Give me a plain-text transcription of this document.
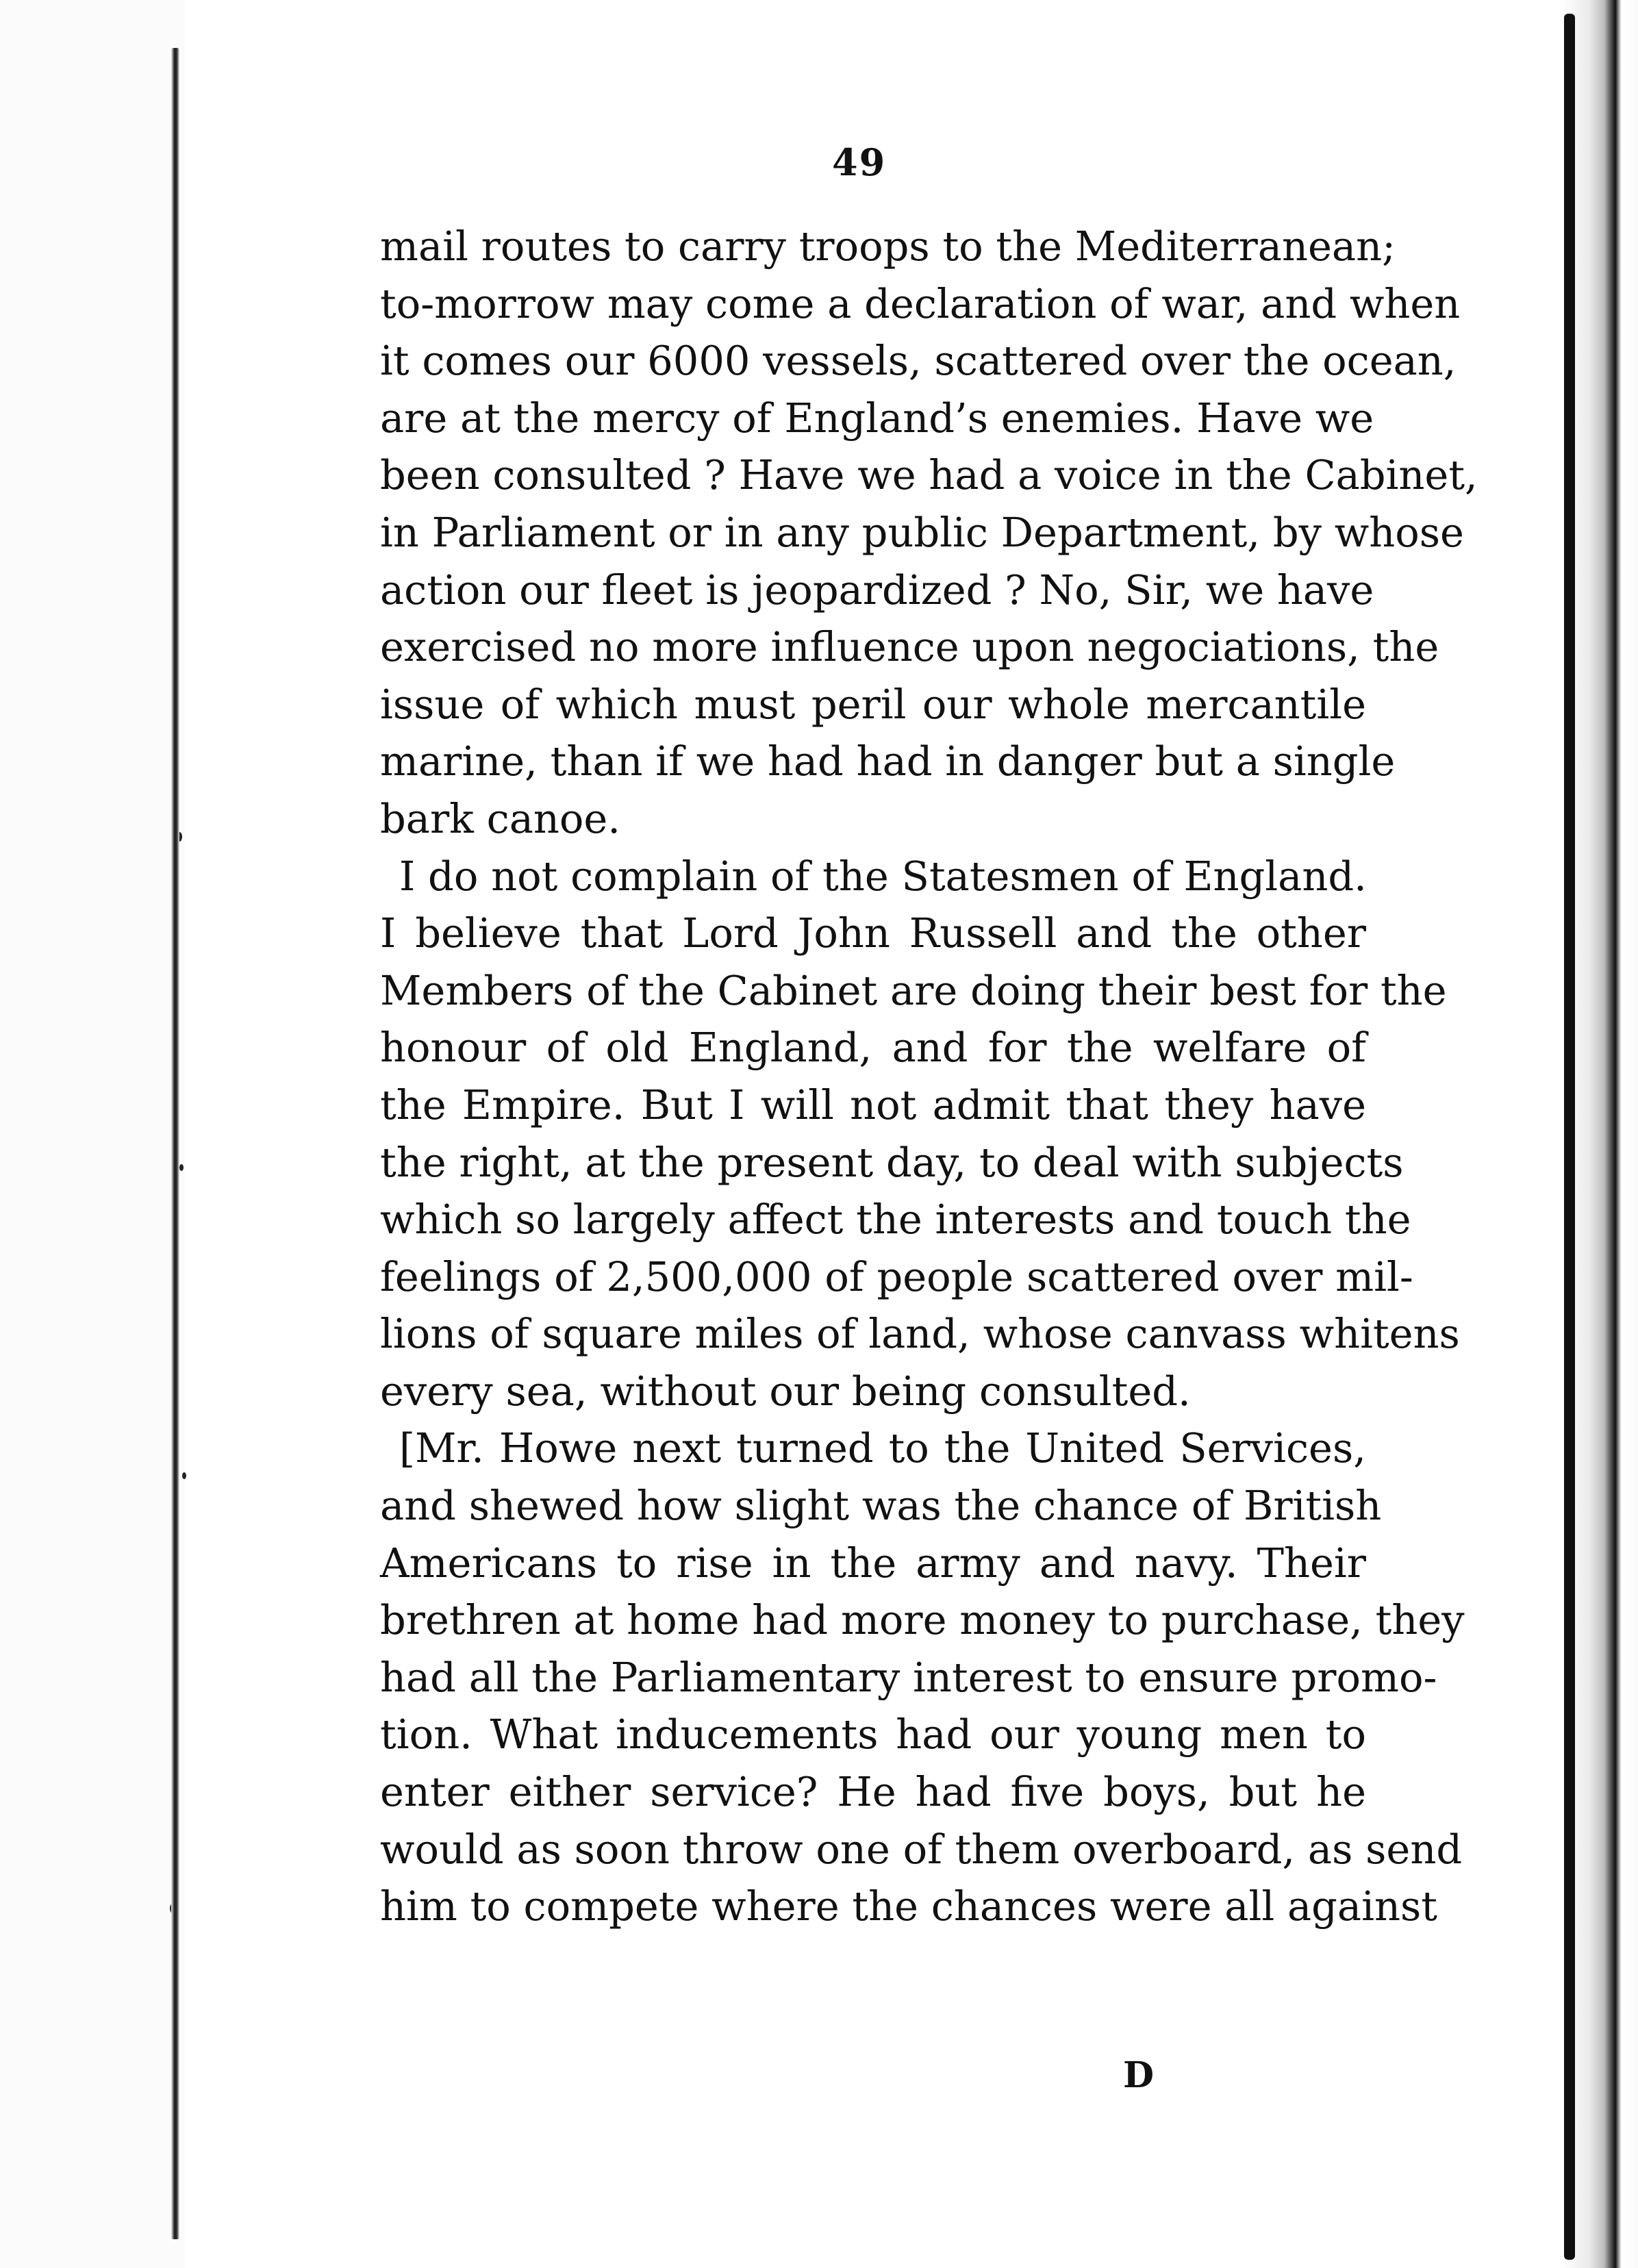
49
mail routes to carry troops to the Mediterranean;
to-morrow may come a declaration of war, and when
it comes our 6000 vessels, scattered over the ocean,
are at the mercy of England’s enemies. Have we
been consulted ? Have we had a voice in the Cabinet,
in Parliament or in any public Department, by whose
action our fleet is jeopardized ? No, Sir, we have
exercised no more influence upon negociations, the
issue of which must peril our whole mercantile
marine, than if we had had in danger but a single
bark canoe.
I do not complain of the Statesmen of England.
I believe that Lord John Russell and the other
Members of the Cabinet are doing their best for the
honour of old England, and for the welfare of
the Empire. But I will not admit that they have
the right, at the present day, to deal with subjects
which so largely affect the interests and touch the
feelings of 2,500,000 of people scattered over mil-
lions of square miles of land, whose canvass whitens
every sea, without our being consulted.
[Mr. Howe next turned to the United Services,
and shewed how slight was the chance of British
Americans to rise in the army and navy. Their
brethren at home had more money to purchase, they
had all the Parliamentary interest to ensure promo-
tion. What inducements had our young men to
enter either service? He had five boys, but he
would as soon throw one of them overboard, as send
him to compete where the chances were all against
D
